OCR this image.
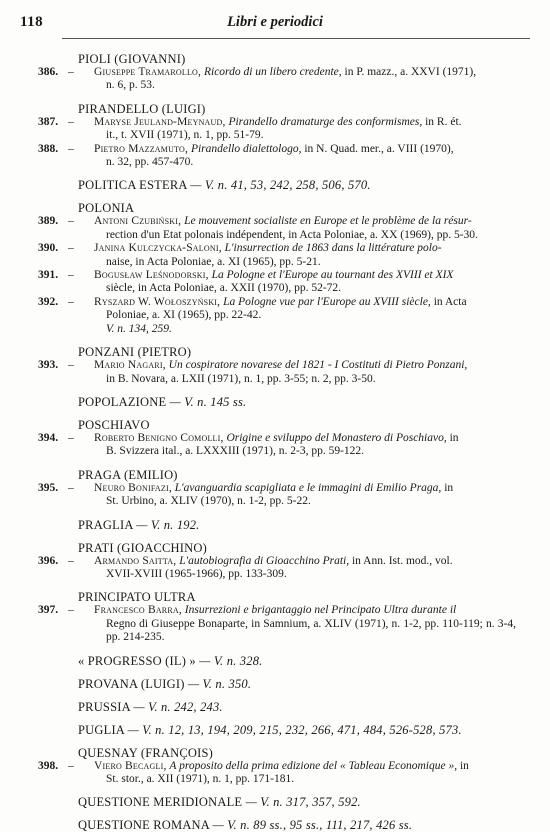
118	Libri e periodici
PIOLI (GIOVANNI)
386. – Giuseppe Tramarollo, Ricordo di un libero credente, in P. mazz., a. XXVI (1971),
n. 6, p. 53.
PIRANDELLO (LUIGI)
387. – Maryse Jeuland-Meynaud, Pirandello dramaturge des conformismes, in R. ét.
it., t. XVII (1971), n. 1, pp. 51-79.
388. – Pietro Mazzamuto, Pirandello dialettologo, in N. Quad. mer., a. VIII (1970),
n. 32, pp. 457-470.
POLITICA ESTERA — V. n. 41, 53, 242, 258, 506, 570.
POLONIA
389. – Antoni Czubiński, Le mouvement socialiste en Europe et le problème de la résur-
rection d'un Etat polonais indépendent, in Acta Poloniae, a. XX (1969), pp. 5-30.
390. – Janina Kulczycka-Saloni, L'insurrection de 1863 dans la littérature polo-
naise, in Acta Poloniae, a. XI (1965), pp. 5-21.
391. – Bogusław Leśnodorski, La Pologne et l'Europe au tournant des XVIII et XIX
siècle, in Acta Poloniae, a. XXII (1970), pp. 52-72.
392. – Ryszard W. Wołoszyński, La Pologne vue par l'Europe au XVIII siècle, in Acta
Poloniae, a. XI (1965), pp. 22-42.
V. n. 134, 259.
PONZANI (PIETRO)
393. – Mario Nagari, Un cospiratore novarese del 1821 - I Costituti di Pietro Ponzani,
in B. Novara, a. LXII (1971), n. 1, pp. 3-55; n. 2, pp. 3-50.
POPOLAZIONE — V. n. 145 ss.
POSCHIAVO
394. – Roberto Benigno Comolli, Origine e sviluppo del Monastero di Poschiavo, in
B. Svizzera ital., a. LXXXIII (1971), n. 2-3, pp. 59-122.
PRAGA (EMILIO)
395. – Neuro Bonifazi, L'avanguardia scapigliata e le immagini di Emilio Praga, in
St. Urbino, a. XLIV (1970), n. 1-2, pp. 5-22.
PRAGLIA — V. n. 192.
PRATI (GIOACCHINO)
396. – Armando Saitta, L'autobiografia di Gioacchino Prati, in Ann. Ist. mod., vol.
XVII-XVIII (1965-1966), pp. 133-309.
PRINCIPATO ULTRA
397. – Francesco Barra, Insurrezioni e brigantaggio nel Principato Ultra durante il
Regno di Giuseppe Bonaparte, in Samnium, a. XLIV (1971), n. 1-2, pp. 110-119; n. 3-4, pp. 214-235.
« PROGRESSO (IL) » — V. n. 328.
PROVANA (LUIGI) — V. n. 350.
PRUSSIA — V. n. 242, 243.
PUGLIA — V. n. 12, 13, 194, 209, 215, 232, 266, 471, 484, 526-528, 573.
QUESNAY (FRANÇOIS)
398. – Viero Becagli, A proposito della prima edizione del « Tableau Economique », in
St. stor., a. XII (1971), n. 1, pp. 171-181.
QUESTIONE MERIDIONALE — V. n. 317, 357, 592.
QUESTIONE ROMANA — V. n. 89 ss., 95 ss., 111, 217, 426 ss.
